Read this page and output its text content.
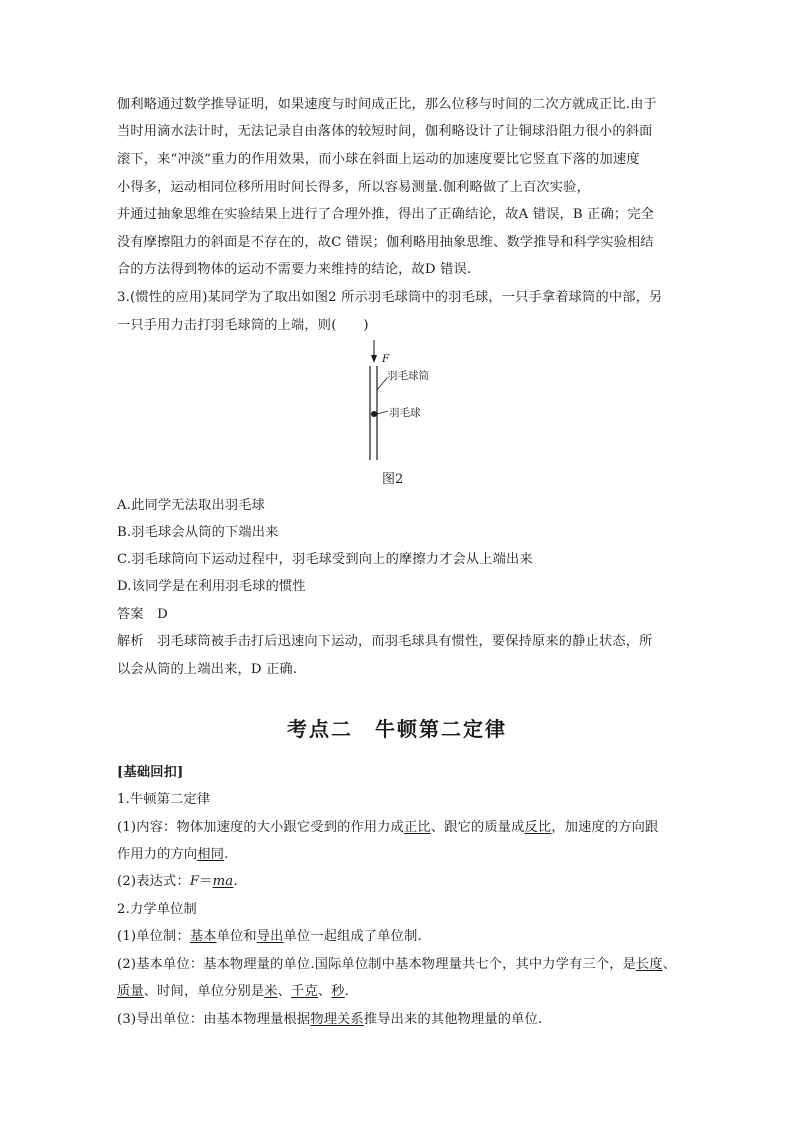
伽利略通过数学推导证明，如果速度与时间成正比，那么位移与时间的二次方就成正比.由于
当时用滴水法计时，无法记录自由落体的较短时间，伽利略设计了让铜球沿阻力很小的斜面
滚下，来“冲淡”重力的作用效果，而小球在斜面上运动的加速度要比它竖直下落的加速度
小得多，运动相同位移所用时间长得多，所以容易测量.伽利略做了上百次实验，
并通过抽象思维在实验结果上进行了合理外推，得出了正确结论，故A 错误，B 正确；完全
没有摩擦阻力的斜面是不存在的，故C 错误；伽利略用抽象思维、数学推导和科学实验相结
合的方法得到物体的运动不需要力来维持的结论，故D 错误.
3.(惯性的应用)某同学为了取出如图2 所示羽毛球筒中的羽毛球，一只手拿着球筒的中部，另
一只手用力击打羽毛球筒的上端，则(　　)
F
羽毛球筒
羽毛球
图2
A.此同学无法取出羽毛球
B.羽毛球会从筒的下端出来
C.羽毛球筒向下运动过程中，羽毛球受到向上的摩擦力才会从上端出来
D.该同学是在利用羽毛球的惯性
答案　D
解析　羽毛球筒被手击打后迅速向下运动，而羽毛球具有惯性，要保持原来的静止状态，所
以会从筒的上端出来，D 正确.
考点二　牛顿第二定律
[基础回扣]
1.牛顿第二定律
(1)内容：物体加速度的大小跟它受到的作用力成正比、跟它的质量成反比，加速度的方向跟
作用力的方向相同.
(2)表达式：F＝ma.
2.力学单位制
(1)单位制：基本单位和导出单位一起组成了单位制.
(2)基本单位：基本物理量的单位.国际单位制中基本物理量共七个，其中力学有三个，是长度、
质量、时间，单位分别是米、千克、秒.
(3)导出单位：由基本物理量根据物理关系推导出来的其他物理量的单位.
